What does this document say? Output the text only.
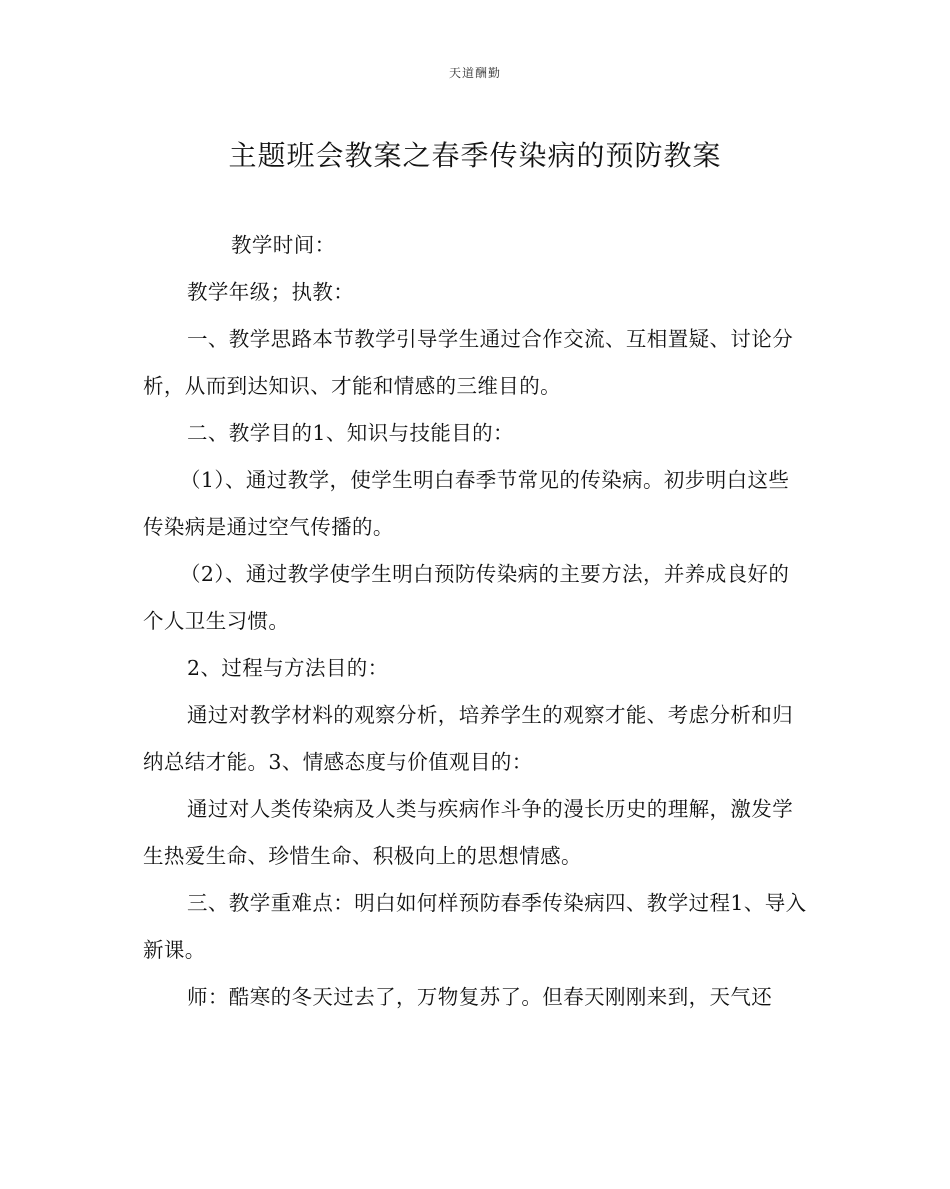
天道酬勤
主题班会教案之春季传染病的预防教案

教学时间：

教学年级；执教：

一、教学思路本节教学引导学生通过合作交流、互相置疑、讨论分析，从而到达知识、才能和情感的三维目的。

二、教学目的1、知识与技能目的：

（1）、通过教学，使学生明白春季节常见的传染病。初步明白这些传染病是通过空气传播的。

（2）、通过教学使学生明白预防传染病的主要方法，并养成良好的个人卫生习惯。

2、过程与方法目的：

通过对教学材料的观察分析，培养学生的观察才能、考虑分析和归纳总结才能。3、情感态度与价值观目的：

通过对人类传染病及人类与疾病作斗争的漫长历史的理解，激发学生热爱生命、珍惜生命、积极向上的思想情感。

三、教学重难点：明白如何样预防春季传染病四、教学过程1、导入新课。

师：酷寒的冬天过去了，万物复苏了。但春天刚刚来到，天气还
